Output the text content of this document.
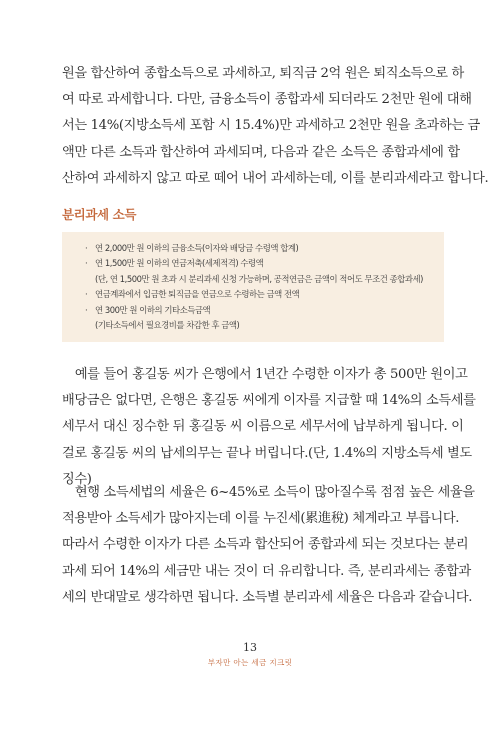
원을 합산하여 종합소득으로 과세하고, 퇴직금 2억 원은 퇴직소득으로 하
여 따로 과세합니다. 다만, 금융소득이 종합과세 되더라도 2천만 원에 대해
서는 14%(지방소득세 포함 시 15.4%)만 과세하고 2천만 원을 초과하는 금
액만 다른 소득과 합산하여 과세되며, 다음과 같은 소득은 종합과세에 합
산하여 과세하지 않고 따로 떼어 내어 과세하는데, 이를 분리과세라고 합니다.
분리과세 소득
· 연 2,000만 원 이하의 금융소득(이자와 배당금 수령액 합계)
· 연 1,500만 원 이하의 연금저축(세제적격) 수령액
(단, 연 1,500만 원 초과 시 분리과세 신청 가능하며, 공적연금은 금액이 적어도 무조건 종합과세)
· 연금계좌에서 입금한 퇴직금을 연금으로 수령하는 금액 전액
· 연 300만 원 이하의 기타소득금액
(기타소득에서 필요경비를 차감한 후 금액)
　예를 들어 홍길동 씨가 은행에서 1년간 수령한 이자가 총 500만 원이고
배당금은 없다면, 은행은 홍길동 씨에게 이자를 지급할 때 14%의 소득세를
세무서 대신 징수한 뒤 홍길동 씨 이름으로 세무서에 납부하게 됩니다. 이
걸로 홍길동 씨의 납세의무는 끝나 버립니다.(단, 1.4%의 지방소득세 별도
징수)
　현행 소득세법의 세율은 6~45%로 소득이 많아질수록 점점 높은 세율을
적용받아 소득세가 많아지는데 이를 누진세(累進稅) 체계라고 부릅니다.
따라서 수령한 이자가 다른 소득과 합산되어 종합과세 되는 것보다는 분리
과세 되어 14%의 세금만 내는 것이 더 유리합니다. 즉, 분리과세는 종합과
세의 반대말로 생각하면 됩니다. 소득별 분리과세 세율은 다음과 같습니다.

13

부자만 아는 세금 지크릿
